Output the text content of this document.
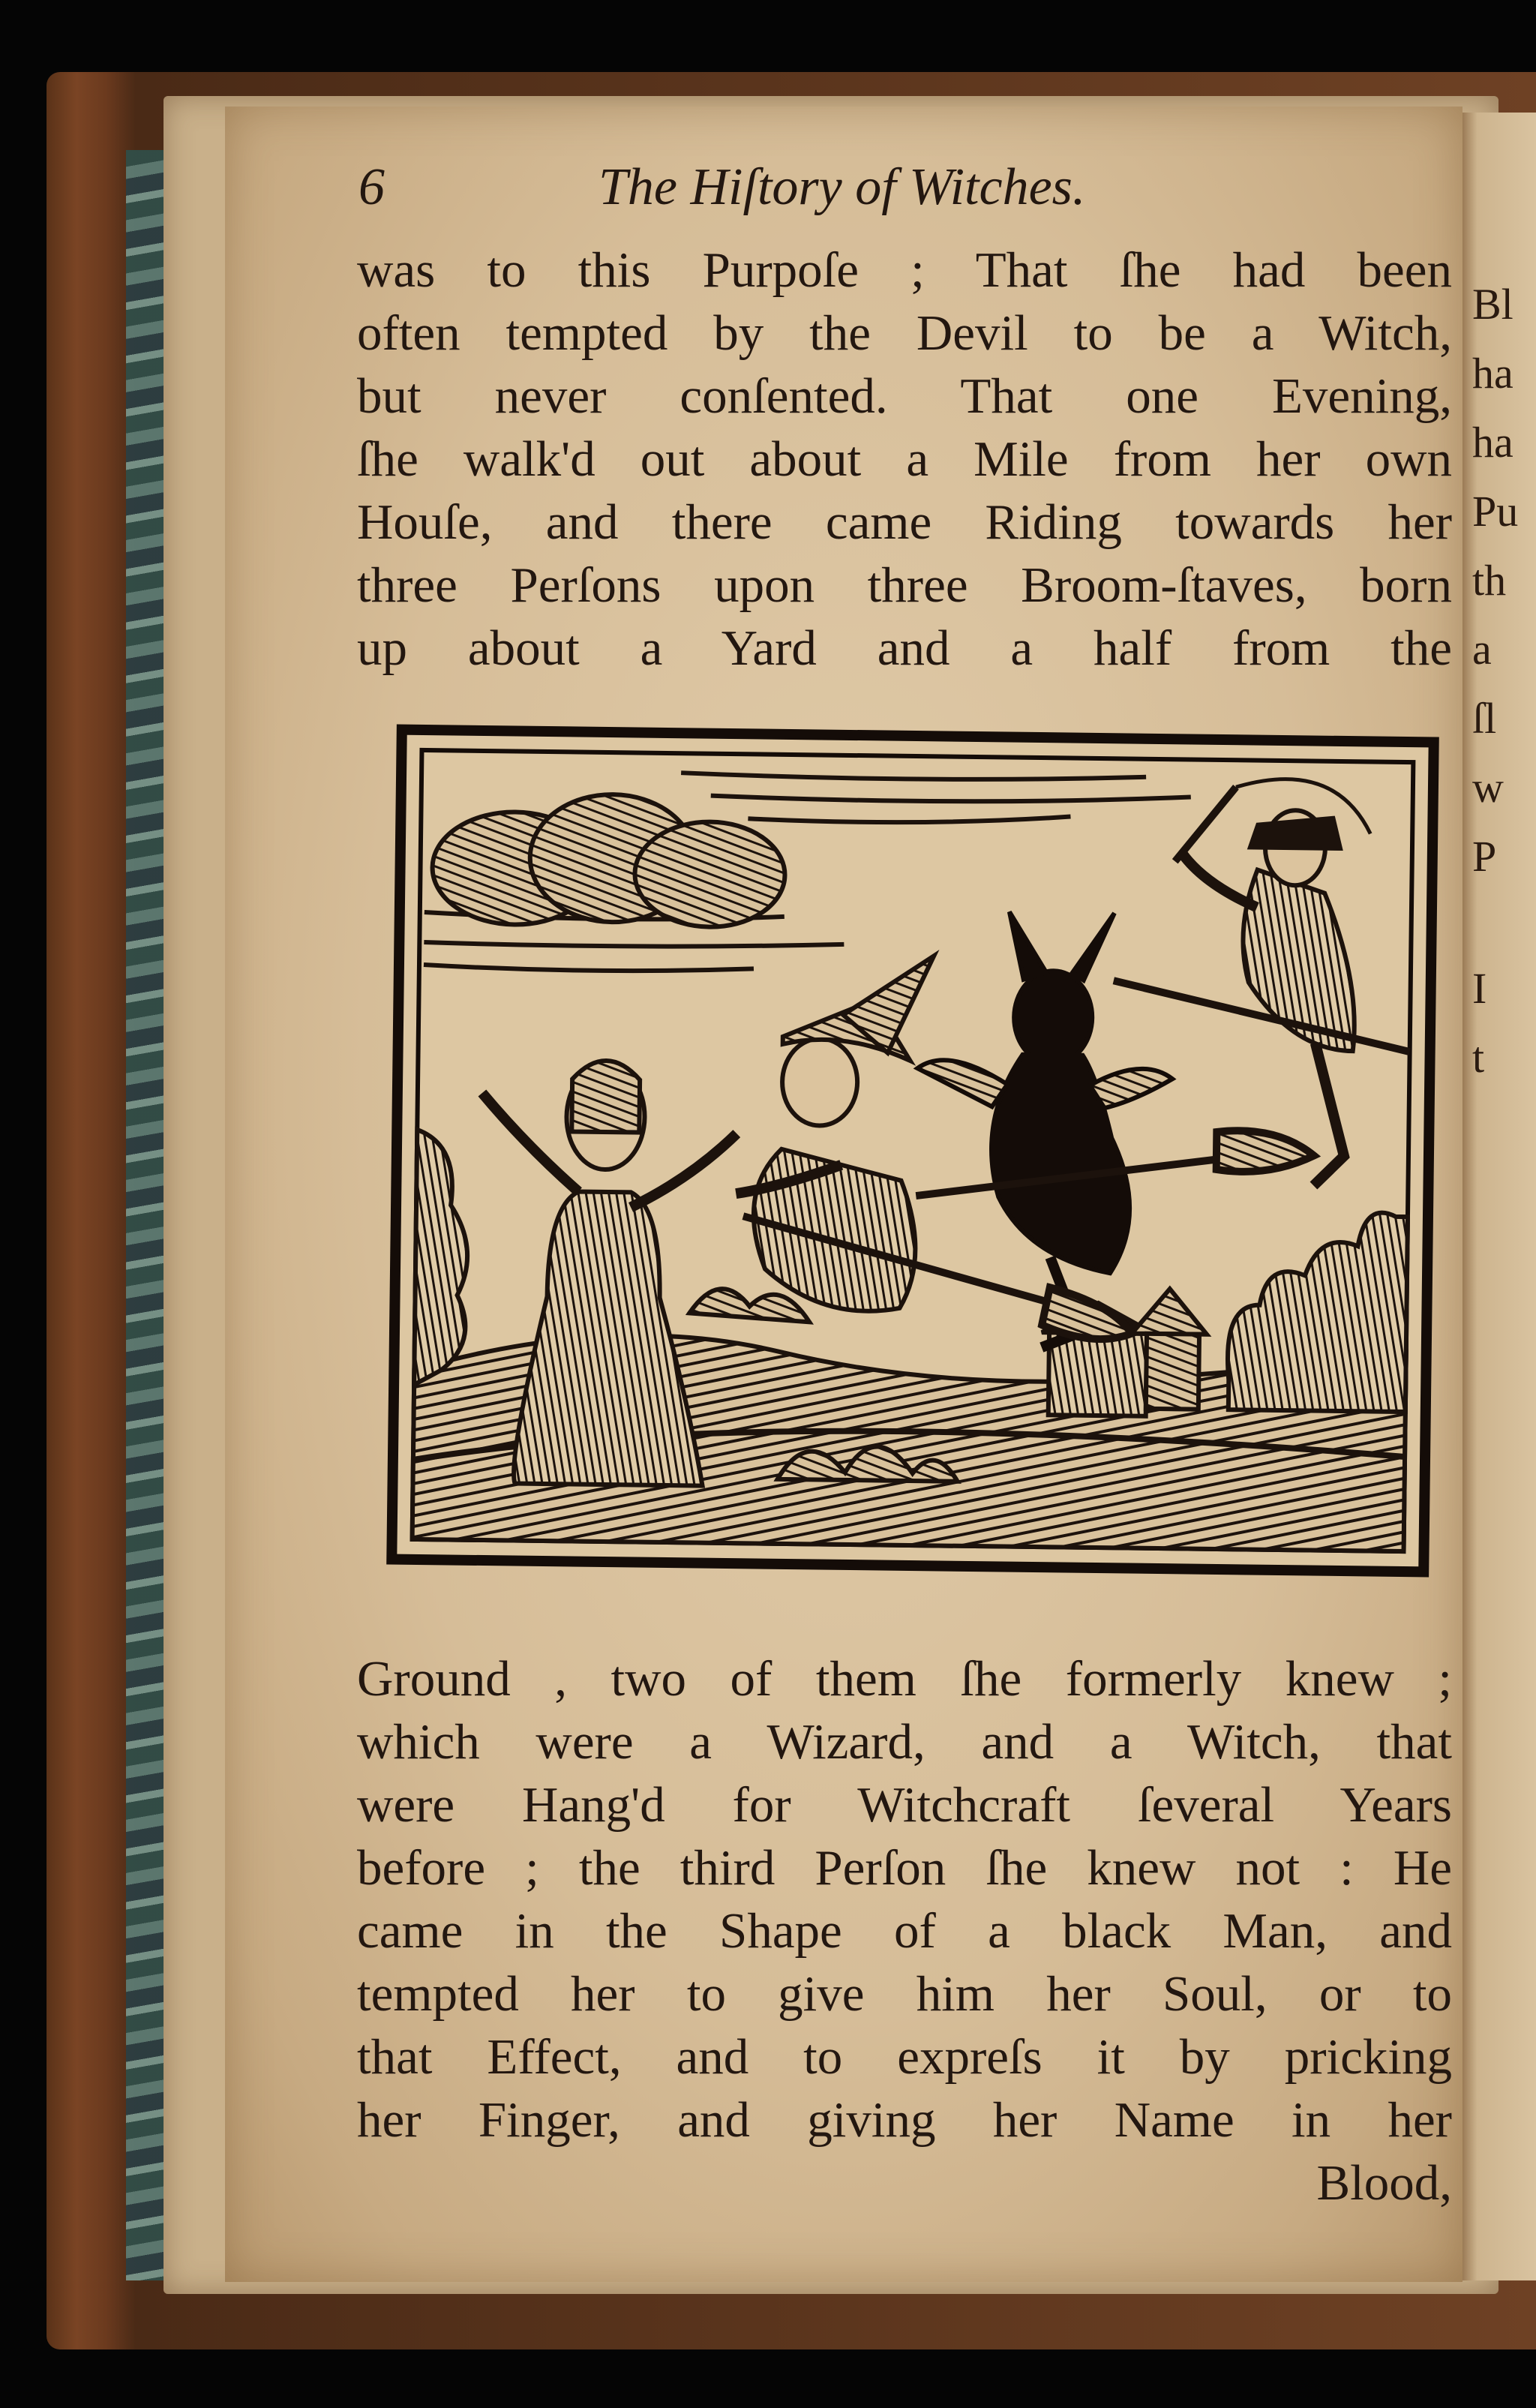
Bl
ha
ha
Pu
th
a
ſl
w
P
I
t
6	The Hiſtory of Witches.
was to this Purpoſe ; That ſhe had been
often tempted by the Devil to be a Witch,
but never conſented. That one Evening,
ſhe walk'd out about a Mile from her own
Houſe, and there came Riding towards her
three Perſons upon three Broom-ſtaves, born
up about a Yard and a half from the
Ground , two of them ſhe formerly knew ;
which were a Wizard, and a Witch, that
were Hang'd for Witchcraft ſeveral Years
before ; the third Perſon ſhe knew not : He
came in the Shape of a black Man, and
tempted her to give him her Soul, or to
that Effect, and to expreſs it by pricking
her Finger, and giving her Name in her
Blood,
